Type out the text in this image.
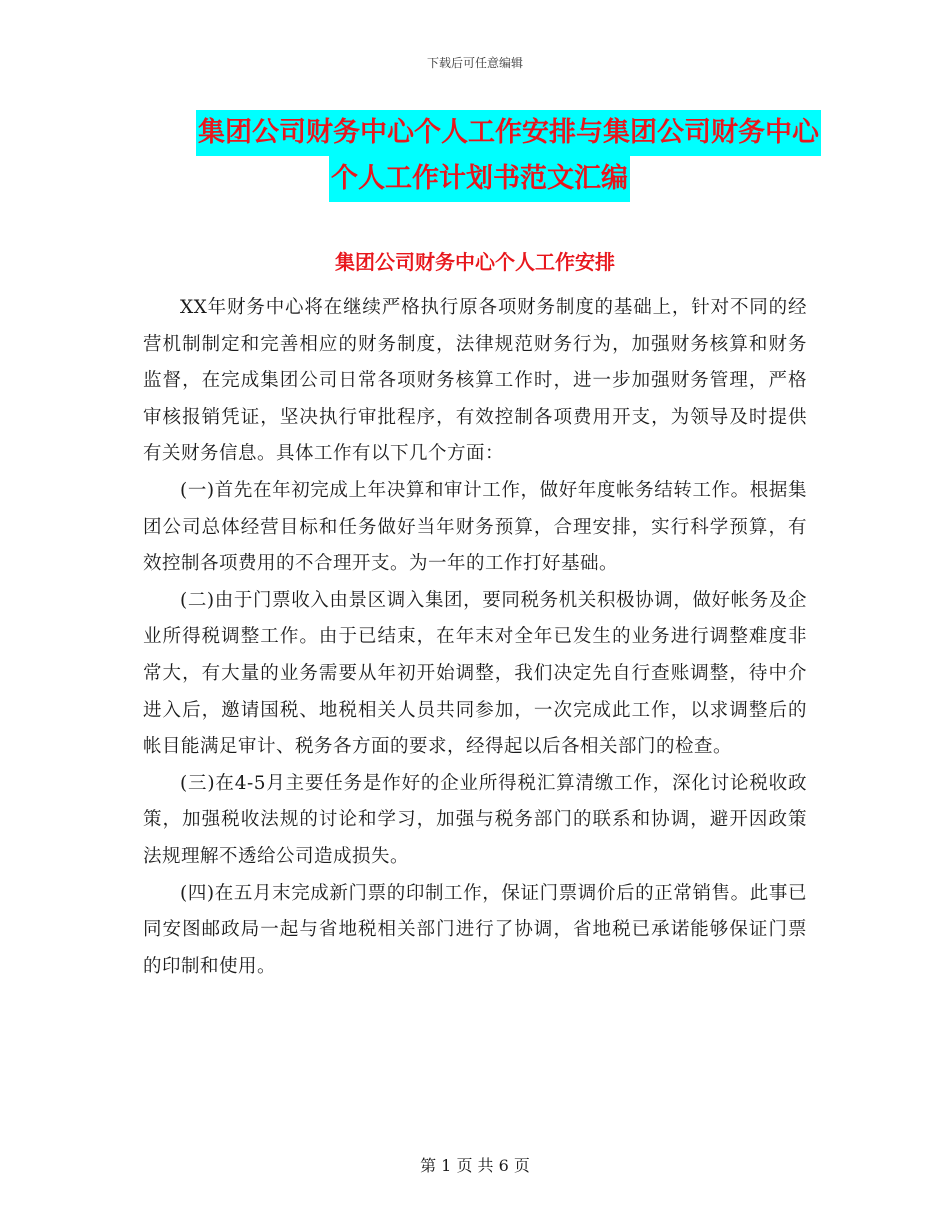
下载后可任意编辑
集团公司财务中心个人工作安排与集团公司财务中心
个人工作计划书范文汇编
集团公司财务中心个人工作安排

XX年财务中心将在继续严格执行原各项财务制度的基础上，针对不同的经营机制制定和完善相应的财务制度，法律规范财务行为，加强财务核算和财务监督，在完成集团公司日常各项财务核算工作时，进一步加强财务管理，严格审核报销凭证，坚决执行审批程序，有效控制各项费用开支，为领导及时提供有关财务信息。具体工作有以下几个方面：

(一)首先在年初完成上年决算和审计工作，做好年度帐务结转工作。根据集团公司总体经营目标和任务做好当年财务预算，合理安排，实行科学预算，有效控制各项费用的不合理开支。为一年的工作打好基础。

(二)由于门票收入由景区调入集团，要同税务机关积极协调，做好帐务及企业所得税调整工作。由于已结束，在年末对全年已发生的业务进行调整难度非常大，有大量的业务需要从年初开始调整，我们决定先自行查账调整，待中介进入后，邀请国税、地税相关人员共同参加，一次完成此工作，以求调整后的帐目能满足审计、税务各方面的要求，经得起以后各相关部门的检查。

(三)在4-5月主要任务是作好的企业所得税汇算清缴工作，深化讨论税收政策，加强税收法规的讨论和学习，加强与税务部门的联系和协调，避开因政策法规理解不透给公司造成损失。

(四)在五月末完成新门票的印制工作，保证门票调价后的正常销售。此事已同安图邮政局一起与省地税相关部门进行了协调，省地税已承诺能够保证门票的印制和使用。

第 1 页 共 6 页
